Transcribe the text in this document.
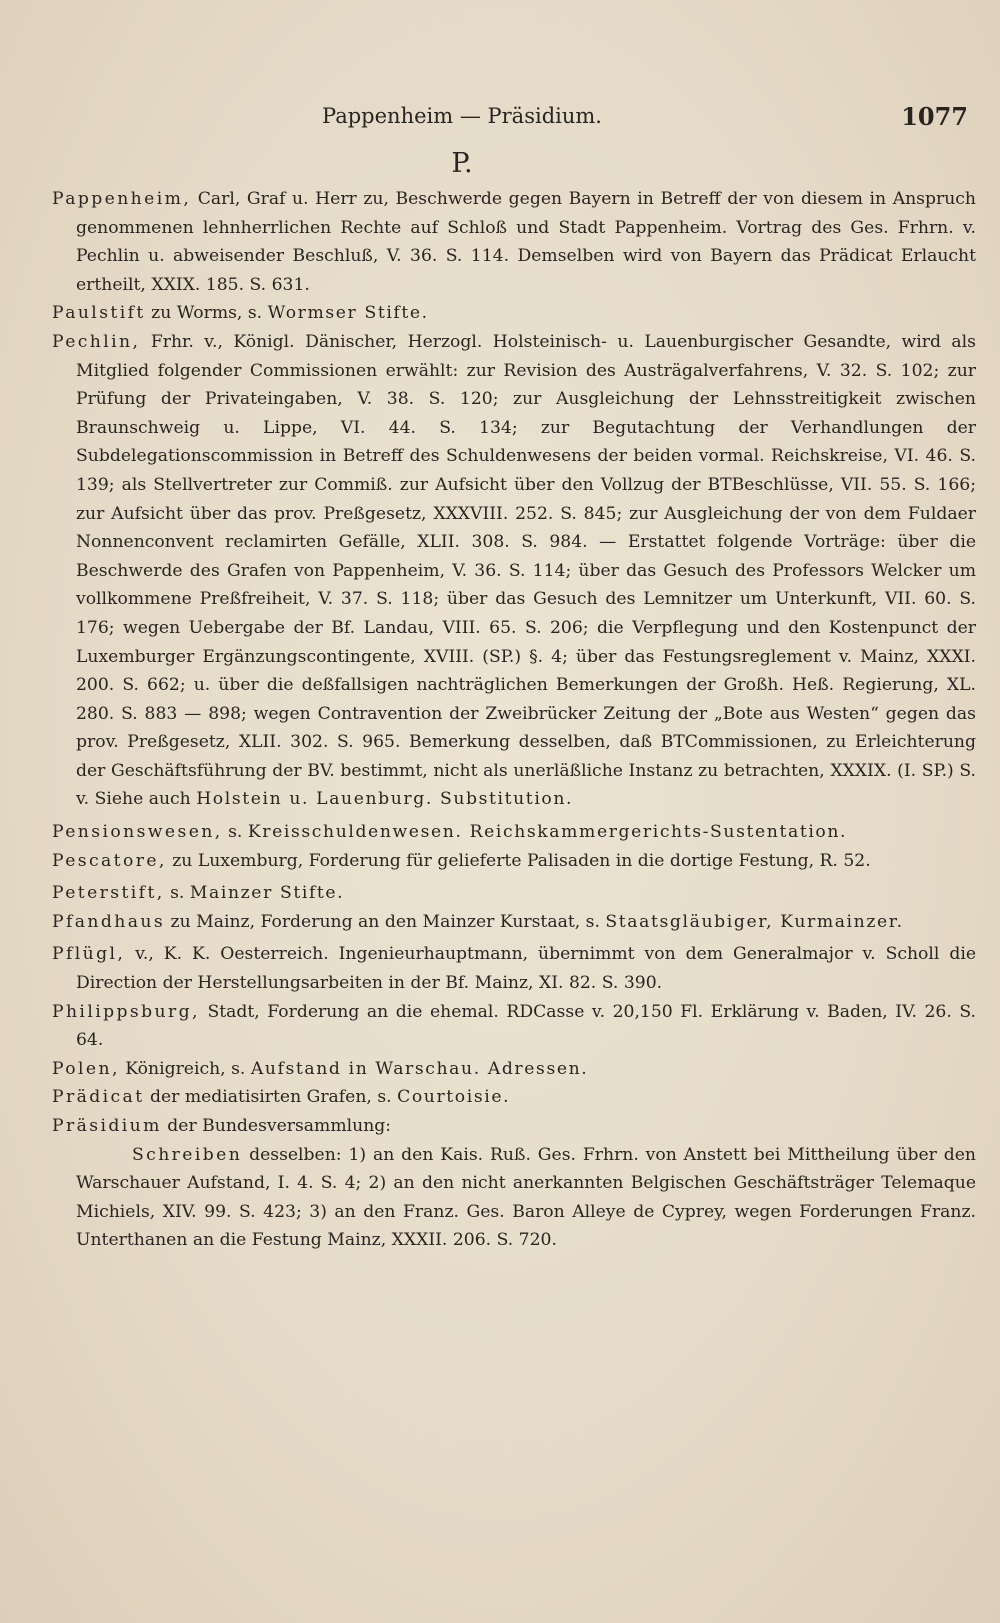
Pappenheim — Präsidium.	1077
P.

Pappenheim, Carl, Graf u. Herr zu, Beschwerde gegen Bayern in Betreff der von diesem in Anspruch genommenen lehnherrlichen Rechte auf Schloß und Stadt Pappenheim. Vortrag des Ges. Frhrn. v. Pechlin u. abweisender Beschluß, V. 36. S. 114. Demselben wird von Bayern das Prädicat Erlaucht ertheilt, XXIX. 185. S. 631.

Paulstift zu Worms, s. Wormser Stifte.

Pechlin, Frhr. v., Königl. Dänischer, Herzogl. Holsteinisch- u. Lauenburgischer Gesandte, wird als Mitglied folgender Commissionen erwählt: zur Revision des Austrägalverfahrens, V. 32. S. 102; zur Prüfung der Privateingaben, V. 38. S. 120; zur Ausgleichung der Lehnsstreitigkeit zwischen Braunschweig u. Lippe, VI. 44. S. 134; zur Begutachtung der Verhandlungen der Subdelegationscommission in Betreff des Schuldenwesens der beiden vormal. Reichskreise, VI. 46. S. 139; als Stellvertreter zur Commiß. zur Aufsicht über den Vollzug der BTBeschlüsse, VII. 55. S. 166; zur Aufsicht über das prov. Preßgesetz, XXXVIII. 252. S. 845; zur Ausgleichung der von dem Fuldaer Nonnenconvent reclamirten Gefälle, XLII. 308. S. 984. — Erstattet folgende Vorträge: über die Beschwerde des Grafen von Pappenheim, V. 36. S. 114; über das Gesuch des Professors Welcker um vollkommene Preßfreiheit, V. 37. S. 118; über das Gesuch des Lemnitzer um Unterkunft, VII. 60. S. 176; wegen Uebergabe der Bf. Landau, VIII. 65. S. 206; die Verpflegung und den Kostenpunct der Luxemburger Ergänzungscontingente, XVIII. (SP.) §. 4; über das Festungsreglement v. Mainz, XXXI. 200. S. 662; u. über die deßfallsigen nachträglichen Bemerkungen der Großh. Heß. Regierung, XL. 280. S. 883 — 898; wegen Contravention der Zweibrücker Zeitung der „Bote aus Westen“ gegen das prov. Preßgesetz, XLII. 302. S. 965. Bemerkung desselben, daß BTCommissionen, zu Erleichterung der Geschäftsführung der BV. bestimmt, nicht als unerläßliche Instanz zu betrachten, XXXIX. (I. SP.) S. v. Siehe auch Holstein u. Lauenburg. Substitution.

Pensionswesen, s. Kreisschuldenwesen. Reichskammergerichts-Sustentation.

Pescatore, zu Luxemburg, Forderung für gelieferte Palisaden in die dortige Festung, R. 52.

Peterstift, s. Mainzer Stifte.

Pfandhaus zu Mainz, Forderung an den Mainzer Kurstaat, s. Staatsgläubiger, Kurmainzer.

Pflügl, v., K. K. Oesterreich. Ingenieurhauptmann, übernimmt von dem Generalmajor v. Scholl die Direction der Herstellungsarbeiten in der Bf. Mainz, XI. 82. S. 390.

Philippsburg, Stadt, Forderung an die ehemal. RDCasse v. 20,150 Fl. Erklärung v. Baden, IV. 26. S. 64.

Polen, Königreich, s. Aufstand in Warschau. Adressen.

Prädicat der mediatisirten Grafen, s. Courtoisie.

Präsidium der Bundesversammlung:

Schreiben desselben: 1) an den Kais. Ruß. Ges. Frhrn. von Anstett bei Mittheilung über den Warschauer Aufstand, I. 4. S. 4; 2) an den nicht anerkannten Belgischen Geschäftsträger Telemaque Michiels, XIV. 99. S. 423; 3) an den Franz. Ges. Baron Alleye de Cyprey, wegen Forderungen Franz. Unterthanen an die Festung Mainz, XXXII. 206. S. 720.
